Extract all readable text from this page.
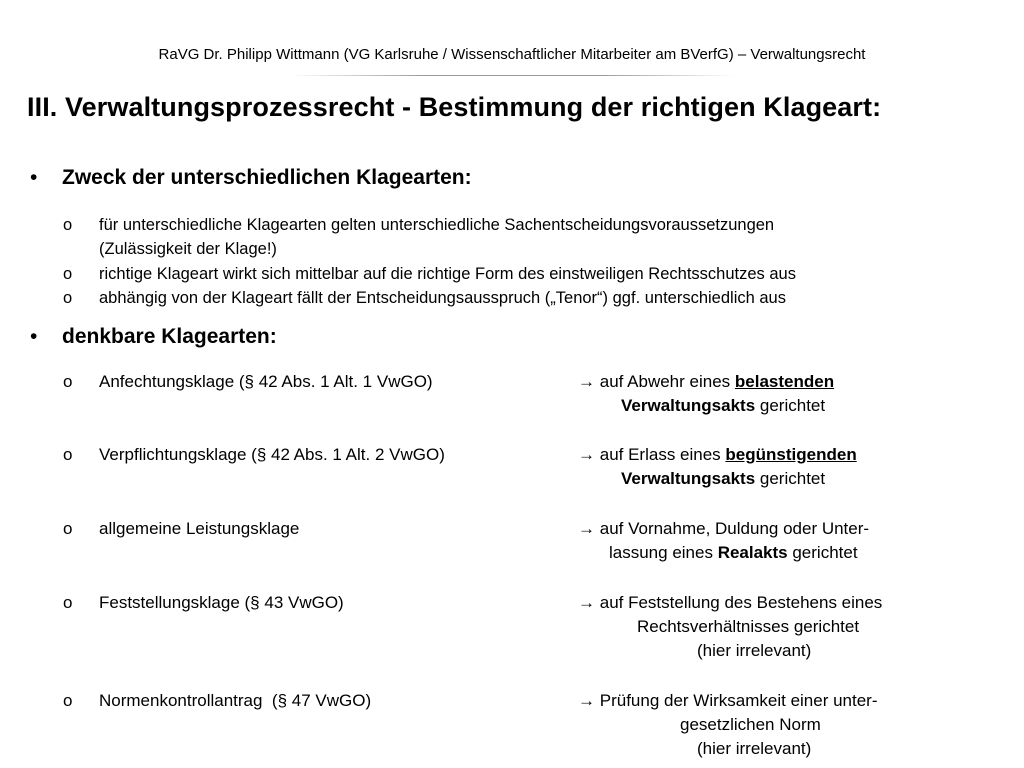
RaVG Dr. Philipp Wittmann (VG Karlsruhe / Wissenschaftlicher Mitarbeiter am BVerfG) – Verwaltungsrecht
III. Verwaltungsprozessrecht - Bestimmung der richtigen Klageart:
• Zweck der unterschiedlichen Klagearten:
o für unterschiedliche Klagearten gelten unterschiedliche Sachentscheidungsvoraussetzungen
(Zulässigkeit der Klage!)
o richtige Klageart wirkt sich mittelbar auf die richtige Form des einstweiligen Rechtsschutzes aus
o abhängig von der Klageart fällt der Entscheidungsausspruch („Tenor“) ggf. unterschiedlich aus
• denkbare Klagearten:
o Anfechtungsklage (§ 42 Abs. 1 Alt. 1 VwGO)	→ auf Abwehr eines belastenden
Verwaltungsakts gerichtet
o Verpflichtungsklage (§ 42 Abs. 1 Alt. 2 VwGO)	→ auf Erlass eines begünstigenden
Verwaltungsakts gerichtet
o allgemeine Leistungsklage	→ auf Vornahme, Duldung oder Unter-
lassung eines Realakts gerichtet
o Feststellungsklage (§ 43 VwGO)	→ auf Feststellung des Bestehens eines
Rechtsverhältnisses gerichtet
(hier irrelevant)
o Normenkontrollantrag  (§ 47 VwGO)	→ Prüfung der Wirksamkeit einer unter-
gesetzlichen Norm
(hier irrelevant)
